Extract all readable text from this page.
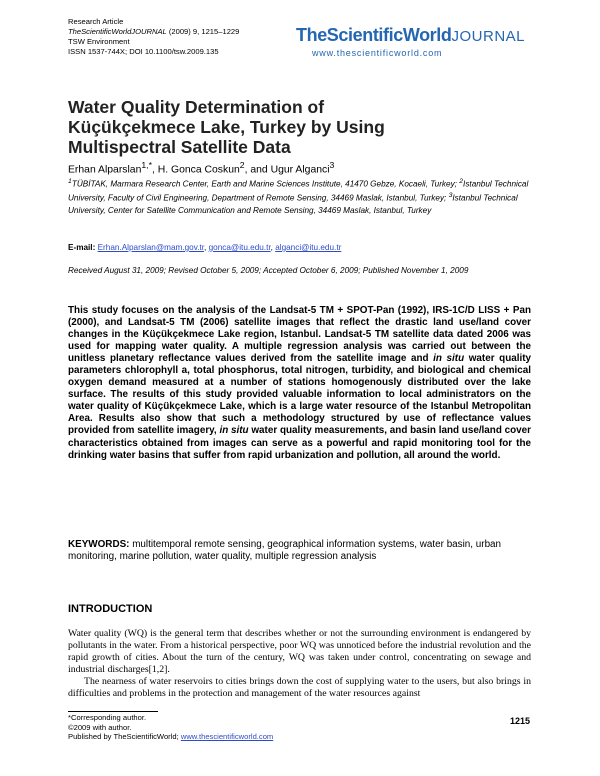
Research Article
TheScientificWorldJOURNAL (2009) 9, 1215–1229
TSW Environment
ISSN 1537-744X; DOI 10.1100/tsw.2009.135
TheScientificWorldJOURNAL
www.thescientificworld.com
Water Quality Determination of
Küçükçekmece Lake, Turkey by Using
Multispectral Satellite Data
Erhan Alparslan$^{1,*}$, H. Gonca Coskun$^2$, and Ugur Alganci$^3$
$^1$TÜBİTAK, Marmara Research Center, Earth and Marine Sciences Institute, 41470 Gebze, Kocaeli, Turkey; $^2$Istanbul Technical University, Faculty of Civil Engineering, Department of Remote Sensing, 34469 Maslak, Istanbul, Turkey; $^3$Istanbul Technical University, Center for Satellite Communication and Remote Sensing, 34469 Maslak, Istanbul, Turkey
E-mail: Erhan.Alparslan@mam.gov.tr, gonca@itu.edu.tr, alganci@itu.edu.tr
Received August 31, 2009; Revised October 5, 2009; Accepted October 6, 2009; Published November 1, 2009
This study focuses on the analysis of the Landsat-5 TM + SPOT-Pan (1992), IRS-1C/D LISS + Pan (2000), and Landsat-5 TM (2006) satellite images that reflect the drastic land use/land cover changes in the Küçükçekmece Lake region, Istanbul. Landsat-5 TM satellite data dated 2006 was used for mapping water quality. A multiple regression analysis was carried out between the unitless planetary reflectance values derived from the satellite image and in situ water quality parameters chlorophyll a, total phosphorus, total nitrogen, turbidity, and biological and chemical oxygen demand measured at a number of stations homogenously distributed over the lake surface. The results of this study provided valuable information to local administrators on the water quality of Küçükçekmece Lake, which is a large water resource of the Istanbul Metropolitan Area. Results also show that such a methodology structured by use of reflectance values provided from satellite imagery, in situ water quality measurements, and basin land use/land cover characteristics obtained from images can serve as a powerful and rapid monitoring tool for the drinking water basins that suffer from rapid urbanization and pollution, all around the world.
KEYWORDS: multitemporal remote sensing, geographical information systems, water basin, urban monitoring, marine pollution, water quality, multiple regression analysis
INTRODUCTION

Water quality (WQ) is the general term that describes whether or not the surrounding environment is endangered by pollutants in the water. From a historical perspective, poor WQ was unnoticed before the industrial revolution and the rapid growth of cities. About the turn of the century, WQ was taken under control, concentrating on sewage and industrial discharges[1,2].

The nearness of water reservoirs to cities brings down the cost of supplying water to the users, but also brings in difficulties and problems in the protection and management of the water resources against

*Corresponding author.
©2009 with author.
Published by TheScientificWorld; www.thescientificworld.com
1215
